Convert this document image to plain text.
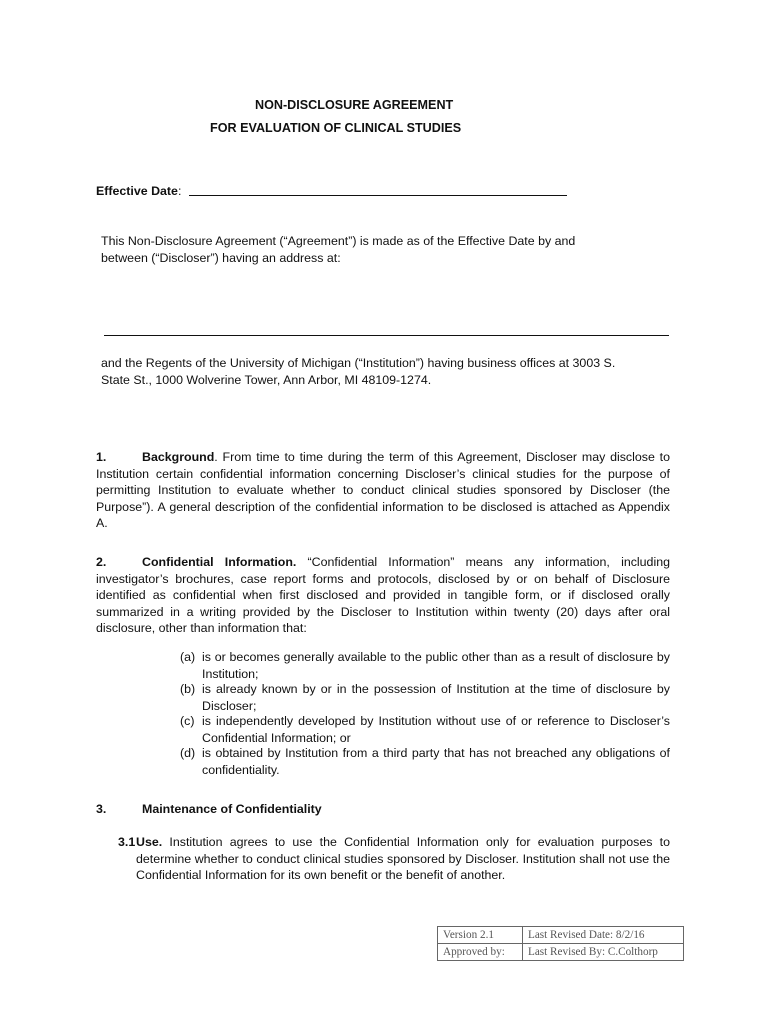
NON-DISCLOSURE AGREEMENT
FOR EVALUATION OF CLINICAL STUDIES
Effective Date:
This Non-Disclosure Agreement (“Agreement”) is made as of the Effective Date by and
between (“Discloser”) having an address at:
and the Regents of the University of Michigan (“Institution”) having business offices at 3003 S.
State St., 1000 Wolverine Tower, Ann Arbor, MI 48109-1274.
1.	Background. From time to time during the term of this Agreement, Discloser may disclose to Institution certain confidential information concerning Discloser’s clinical studies for the purpose of permitting Institution to evaluate whether to conduct clinical studies sponsored by Discloser (the Purpose”). A general description of the confidential information to be disclosed is attached as Appendix A.
2.	Confidential Information. “Confidential Information” means any information, including investigator’s brochures, case report forms and protocols, disclosed by or on behalf of Disclosure identified as confidential when first disclosed and provided in tangible form, or if disclosed orally summarized in a writing provided by the Discloser to Institution within twenty (20) days after oral disclosure, other than information that:
(a) is or becomes generally available to the public other than as a result of disclosure by Institution;
(b) is already known by or in the possession of Institution at the time of disclosure by Discloser;
(c) is independently developed by Institution without use of or reference to Discloser’s Confidential Information; or
(d) is obtained by Institution from a third party that has not breached any obligations of confidentiality.
3.	Maintenance of Confidentiality
3.1 Use. Institution agrees to use the Confidential Information only for evaluation purposes to determine whether to conduct clinical studies sponsored by Discloser. Institution shall not use the Confidential Information for its own benefit or the benefit of another.
Version 2.1	Last Revised Date: 8/2/16
Approved by:	Last Revised By: C.Colthorp
